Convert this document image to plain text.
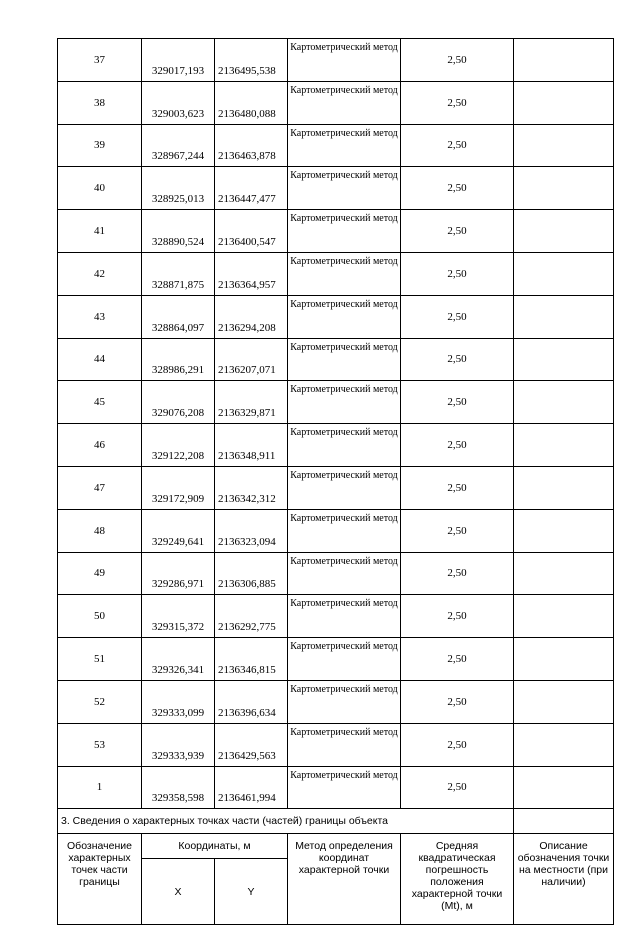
37	329017,193	2136495,538	Картометрический метод	2,50	
38	329003,623	2136480,088	Картометрический метод	2,50	
39	328967,244	2136463,878	Картометрический метод	2,50	
40	328925,013	2136447,477	Картометрический метод	2,50	
41	328890,524	2136400,547	Картометрический метод	2,50	
42	328871,875	2136364,957	Картометрический метод	2,50	
43	328864,097	2136294,208	Картометрический метод	2,50	
44	328986,291	2136207,071	Картометрический метод	2,50	
45	329076,208	2136329,871	Картометрический метод	2,50	
46	329122,208	2136348,911	Картометрический метод	2,50	
47	329172,909	2136342,312	Картометрический метод	2,50	
48	329249,641	2136323,094	Картометрический метод	2,50	
49	329286,971	2136306,885	Картометрический метод	2,50	
50	329315,372	2136292,775	Картометрический метод	2,50	
51	329326,341	2136346,815	Картометрический метод	2,50	
52	329333,099	2136396,634	Картометрический метод	2,50	
53	329333,939	2136429,563	Картометрический метод	2,50	
1	329358,598	2136461,994	Картометрический метод	2,50	
3. Сведения о характерных точках части (частей) границы объекта					
Обозначение характерных точек части границы	Координаты, м		Метод определения координат характерной точки	Средняя квадратическая погрешность положения характерной точки (Mt), м	Описание обозначения точки на местности (при наличии)
	X	Y			
